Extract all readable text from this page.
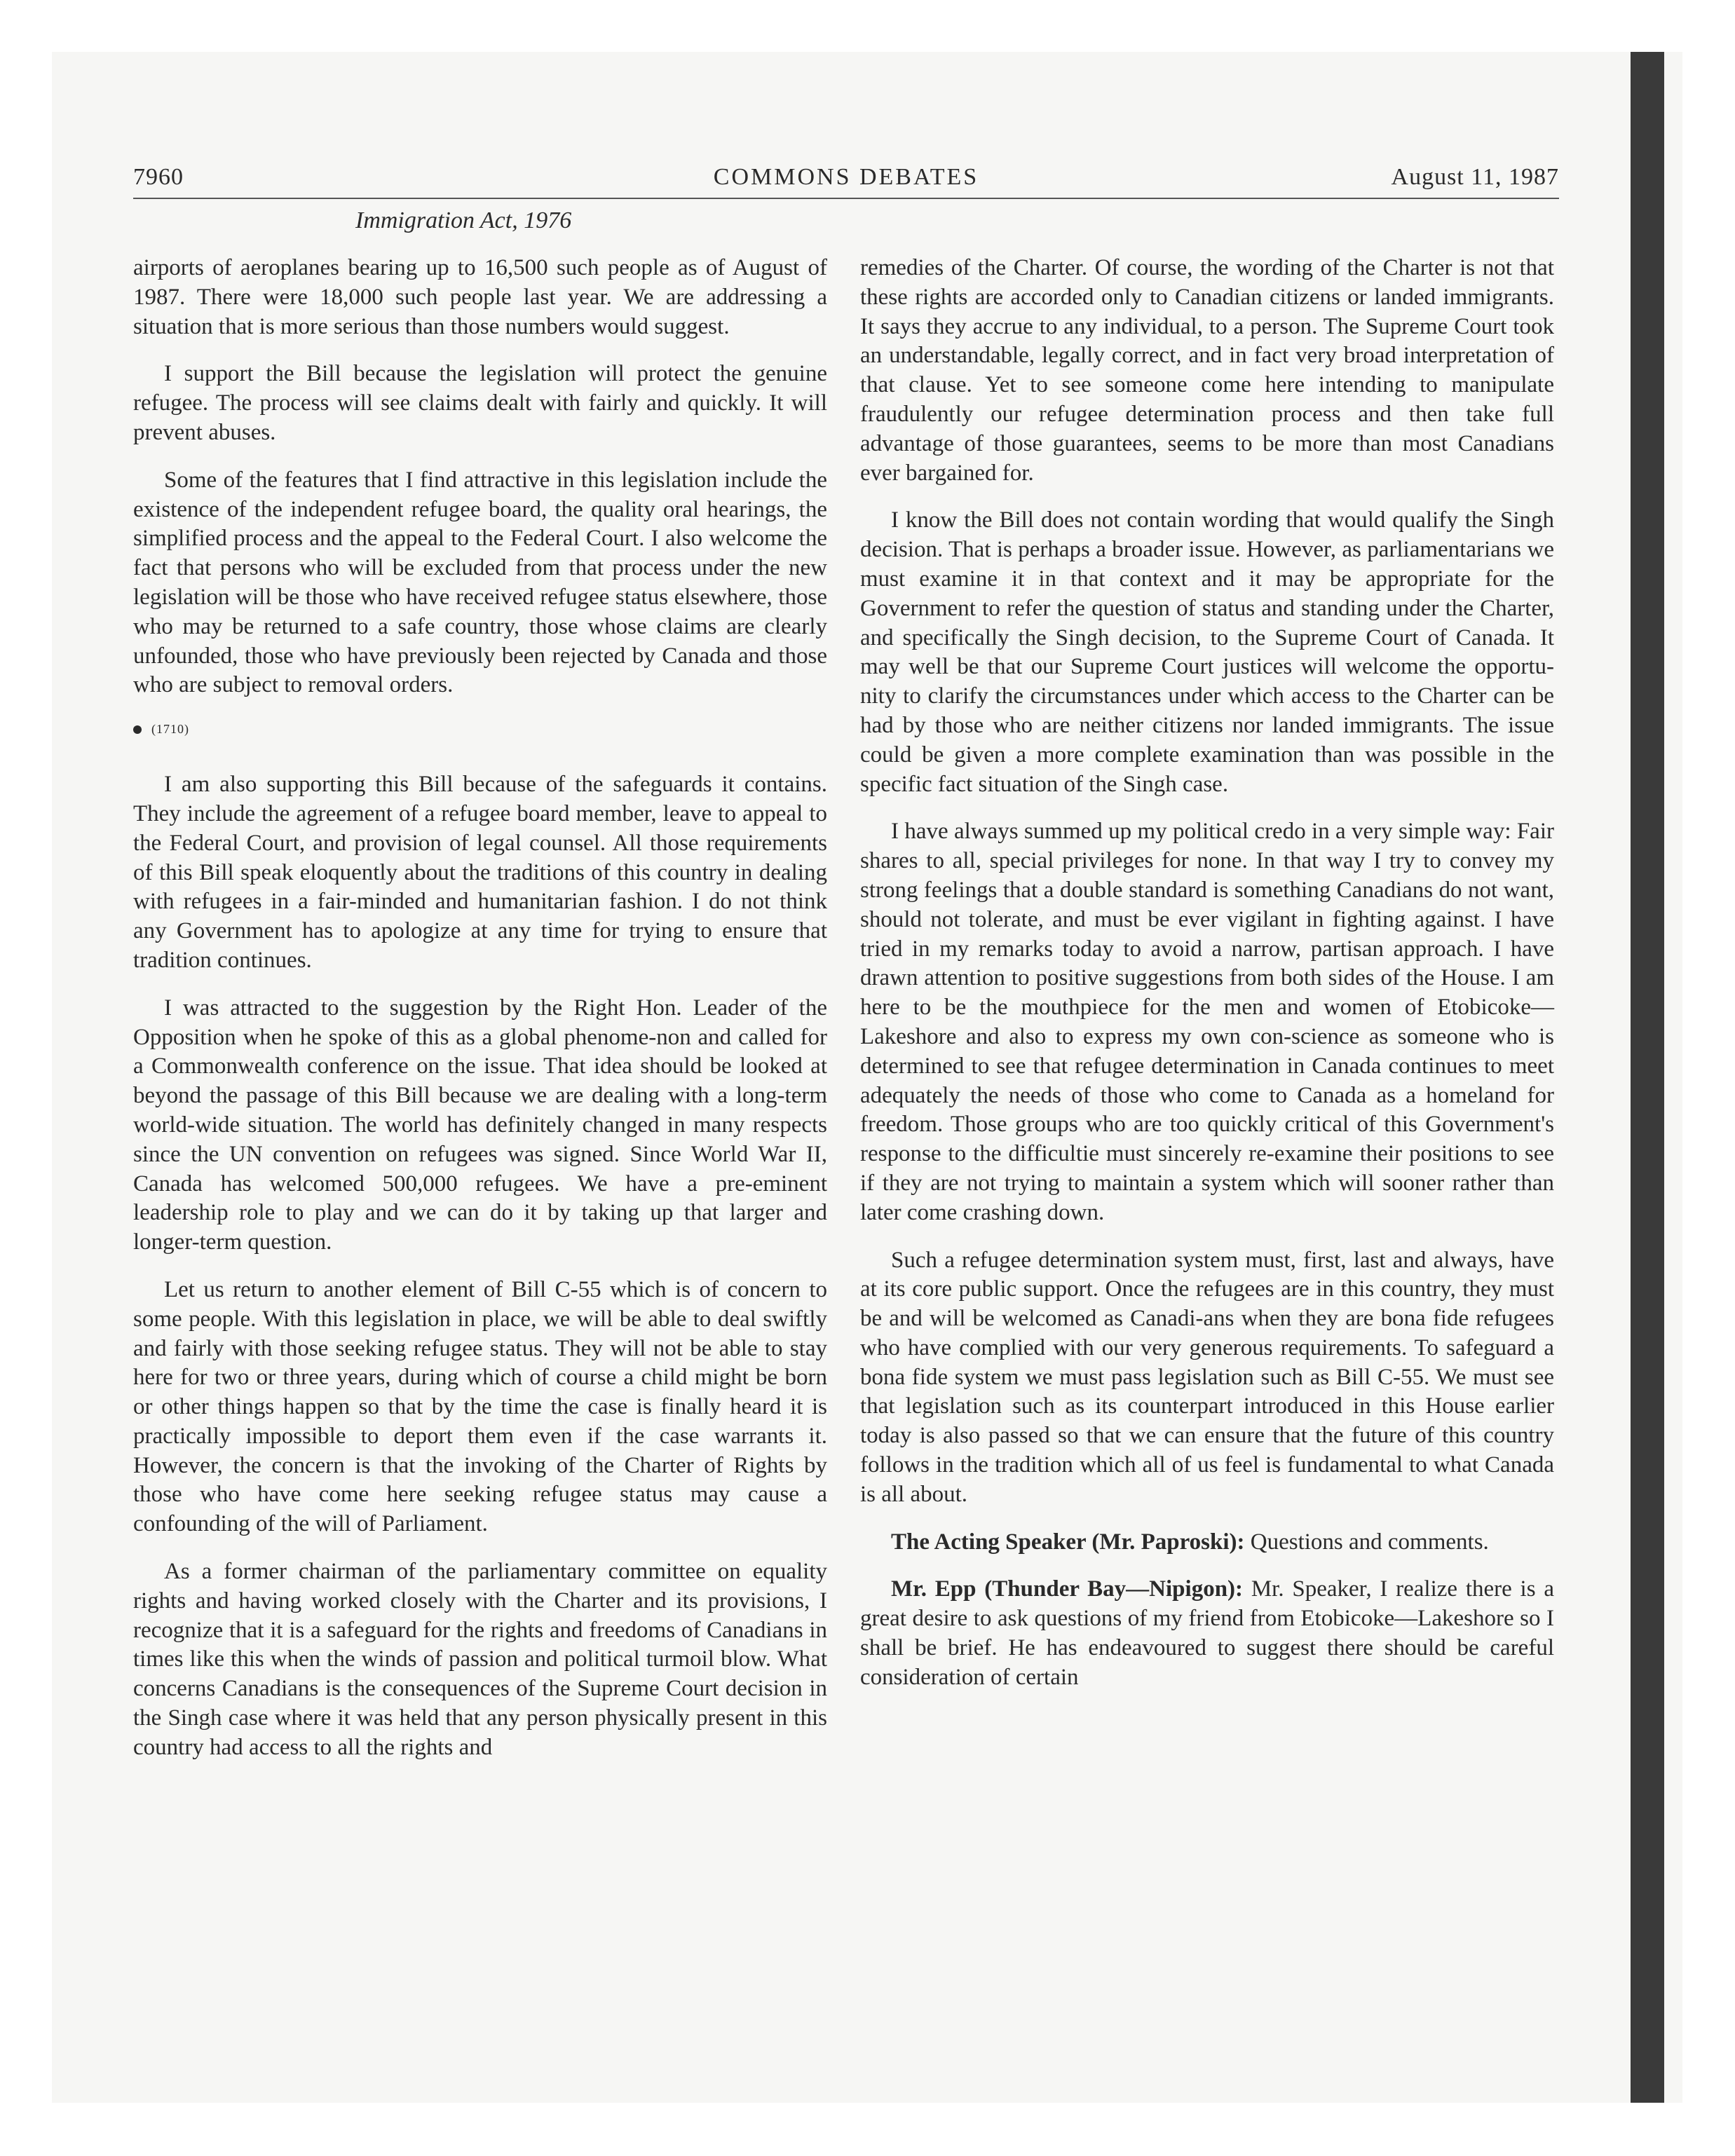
7960	COMMONS DEBATES	August 11, 1987
Immigration Act, 1976

airports of aeroplanes bearing up to 16,500 such people as of August of 1987. There were 18,000 such people last year. We are addressing a situation that is more serious than those numbers would suggest.

I support the Bill because the legislation will protect the genuine refugee. The process will see claims dealt with fairly and quickly. It will prevent abuses.

Some of the features that I find attractive in this legislation include the existence of the independent refugee board, the quality oral hearings, the simplified process and the appeal to the Federal Court. I also welcome the fact that persons who will be excluded from that process under the new legislation will be those who have received refugee status elsewhere, those who may be returned to a safe country, those whose claims are clearly unfounded, those who have previously been rejected by Canada and those who are subject to removal orders.

(1710)

I am also supporting this Bill because of the safeguards it contains. They include the agreement of a refugee board member, leave to appeal to the Federal Court, and provision of legal counsel. All those requirements of this Bill speak eloquently about the traditions of this country in dealing with refugees in a fair-minded and humanitarian fashion. I do not think any Government has to apologize at any time for trying to ensure that tradition continues.

I was attracted to the suggestion by the Right Hon. Leader of the Opposition when he spoke of this as a global phenome-non and called for a Commonwealth conference on the issue. That idea should be looked at beyond the passage of this Bill because we are dealing with a long-term world-wide situation. The world has definitely changed in many respects since the UN convention on refugees was signed. Since World War II, Canada has welcomed 500,000 refugees. We have a pre-eminent leadership role to play and we can do it by taking up that larger and longer-term question.

Let us return to another element of Bill C-55 which is of concern to some people. With this legislation in place, we will be able to deal swiftly and fairly with those seeking refugee status. They will not be able to stay here for two or three years, during which of course a child might be born or other things happen so that by the time the case is finally heard it is practically impossible to deport them even if the case warrants it. However, the concern is that the invoking of the Charter of Rights by those who have come here seeking refugee status may cause a confounding of the will of Parliament.

As a former chairman of the parliamentary committee on equality rights and having worked closely with the Charter and its provisions, I recognize that it is a safeguard for the rights and freedoms of Canadians in times like this when the winds of passion and political turmoil blow. What concerns Canadians is the consequences of the Supreme Court decision in the Singh case where it was held that any person physically present in this country had access to all the rights and

remedies of the Charter. Of course, the wording of the Charter is not that these rights are accorded only to Canadian citizens or landed immigrants. It says they accrue to any individual, to a person. The Supreme Court took an understandable, legally correct, and in fact very broad interpretation of that clause. Yet to see someone come here intending to manipulate fraudulently our refugee determination process and then take full advantage of those guarantees, seems to be more than most Canadians ever bargained for.

I know the Bill does not contain wording that would qualify the Singh decision. That is perhaps a broader issue. However, as parliamentarians we must examine it in that context and it may be appropriate for the Government to refer the question of status and standing under the Charter, and specifically the Singh decision, to the Supreme Court of Canada. It may well be that our Supreme Court justices will welcome the opportu-nity to clarify the circumstances under which access to the Charter can be had by those who are neither citizens nor landed immigrants. The issue could be given a more complete examination than was possible in the specific fact situation of the Singh case.

I have always summed up my political credo in a very simple way: Fair shares to all, special privileges for none. In that way I try to convey my strong feelings that a double standard is something Canadians do not want, should not tolerate, and must be ever vigilant in fighting against. I have tried in my remarks today to avoid a narrow, partisan approach. I have drawn attention to positive suggestions from both sides of the House. I am here to be the mouthpiece for the men and women of Etobicoke—Lakeshore and also to express my own con-science as someone who is determined to see that refugee determination in Canada continues to meet adequately the needs of those who come to Canada as a homeland for freedom. Those groups who are too quickly critical of this Government's response to the difficultie must sincerely re-examine their positions to see if they are not trying to maintain a system which will sooner rather than later come crashing down.

Such a refugee determination system must, first, last and always, have at its core public support. Once the refugees are in this country, they must be and will be welcomed as Canadi-ans when they are bona fide refugees who have complied with our very generous requirements. To safeguard a bona fide system we must pass legislation such as Bill C-55. We must see that legislation such as its counterpart introduced in this House earlier today is also passed so that we can ensure that the future of this country follows in the tradition which all of us feel is fundamental to what Canada is all about.

The Acting Speaker (Mr. Paproski): Questions and comments.

Mr. Epp (Thunder Bay—Nipigon): Mr. Speaker, I realize there is a great desire to ask questions of my friend from Etobicoke—Lakeshore so I shall be brief. He has endeavoured to suggest there should be careful consideration of certain
